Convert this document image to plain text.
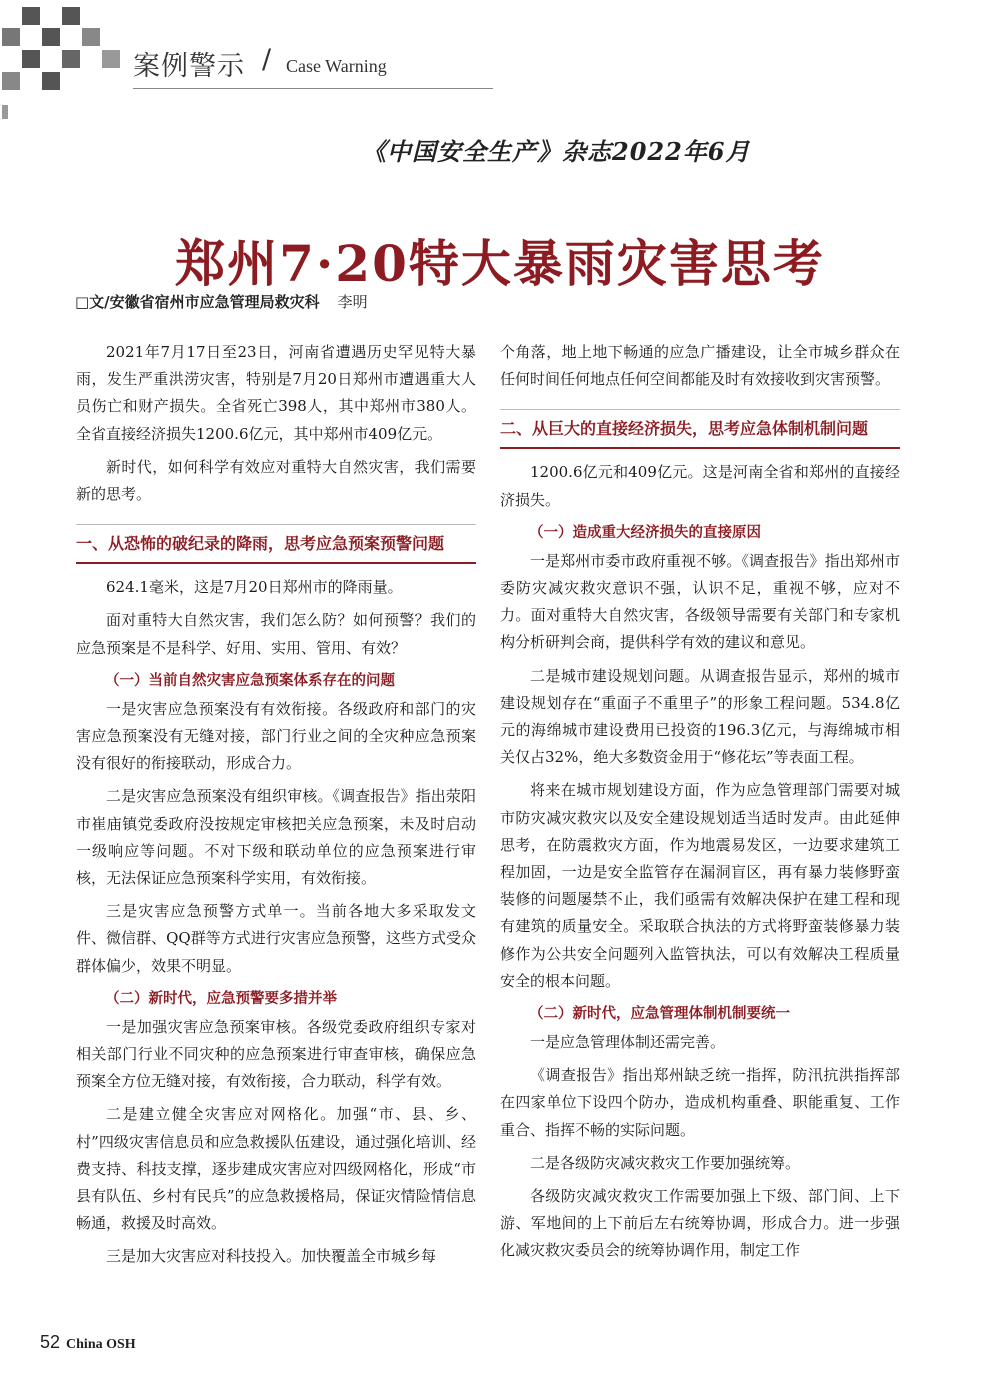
案例警示 / Case Warning
《中国安全生产》杂志2022年6月
郑州7·20特大暴雨灾害思考
□文/安徽省宿州市应急管理局救灾科 李明

2021年7月17日至23日，河南省遭遇历史罕见特大暴雨，发生严重洪涝灾害，特别是7月20日郑州市遭遇重大人员伤亡和财产损失。全省死亡398人，其中郑州市380人。全省直接经济损失1200.6亿元，其中郑州市409亿元。

新时代，如何科学有效应对重特大自然灾害，我们需要新的思考。

一、从恐怖的破纪录的降雨，思考应急预案预警问题

624.1毫米，这是7月20日郑州市的降雨量。

面对重特大自然灾害，我们怎么防？如何预警？我们的应急预案是不是科学、好用、实用、管用、有效？

（一）当前自然灾害应急预案体系存在的问题

一是灾害应急预案没有有效衔接。各级政府和部门的灾害应急预案没有无缝对接，部门行业之间的全灾种应急预案没有很好的衔接联动，形成合力。

二是灾害应急预案没有组织审核。《调查报告》指出荥阳市崔庙镇党委政府没按规定审核把关应急预案，未及时启动一级响应等问题。不对下级和联动单位的应急预案进行审核，无法保证应急预案科学实用，有效衔接。

三是灾害应急预警方式单一。当前各地大多采取发文件、微信群、QQ群等方式进行灾害应急预警，这些方式受众群体偏少，效果不明显。

（二）新时代，应急预警要多措并举

一是加强灾害应急预案审核。各级党委政府组织专家对相关部门行业不同灾种的应急预案进行审查审核，确保应急预案全方位无缝对接，有效衔接，合力联动，科学有效。

二是建立健全灾害应对网格化。加强“市、县、乡、村”四级灾害信息员和应急救援队伍建设，通过强化培训、经费支持、科技支撑，逐步建成灾害应对四级网格化，形成“市县有队伍、乡村有民兵”的应急救援格局，保证灾情险情信息畅通，救援及时高效。

三是加大灾害应对科技投入。加快覆盖全市城乡每

个角落，地上地下畅通的应急广播建设，让全市城乡群众在任何时间任何地点任何空间都能及时有效接收到灾害预警。

二、从巨大的直接经济损失，思考应急体制机制问题

1200.6亿元和409亿元。这是河南全省和郑州的直接经济损失。

（一）造成重大经济损失的直接原因

一是郑州市委市政府重视不够。《调查报告》指出郑州市委防灾减灾救灾意识不强，认识不足，重视不够，应对不力。面对重特大自然灾害，各级领导需要有关部门和专家机构分析研判会商，提供科学有效的建议和意见。

二是城市建设规划问题。从调查报告显示，郑州的城市建设规划存在“重面子不重里子”的形象工程问题。534.8亿元的海绵城市建设费用已投资的196.3亿元，与海绵城市相关仅占32%，绝大多数资金用于“修花坛”等表面工程。

将来在城市规划建设方面，作为应急管理部门需要对城市防灾减灾救灾以及安全建设规划适当适时发声。由此延伸思考，在防震救灾方面，作为地震易发区，一边要求建筑工程加固，一边是安全监管存在漏洞盲区，再有暴力装修野蛮装修的问题屡禁不止，我们亟需有效解决保护在建工程和现有建筑的质量安全。采取联合执法的方式将野蛮装修暴力装修作为公共安全问题列入监管执法，可以有效解决工程质量安全的根本问题。

（二）新时代，应急管理体制机制要统一

一是应急管理体制还需完善。

《调查报告》指出郑州缺乏统一指挥，防汛抗洪指挥部在四家单位下设四个防办，造成机构重叠、职能重复、工作重合、指挥不畅的实际问题。

二是各级防灾减灾救灾工作要加强统筹。

各级防灾减灾救灾工作需要加强上下级、部门间、上下游、军地间的上下前后左右统筹协调，形成合力。进一步强化减灾救灾委员会的统筹协调作用，制定工作

52 China OSH
